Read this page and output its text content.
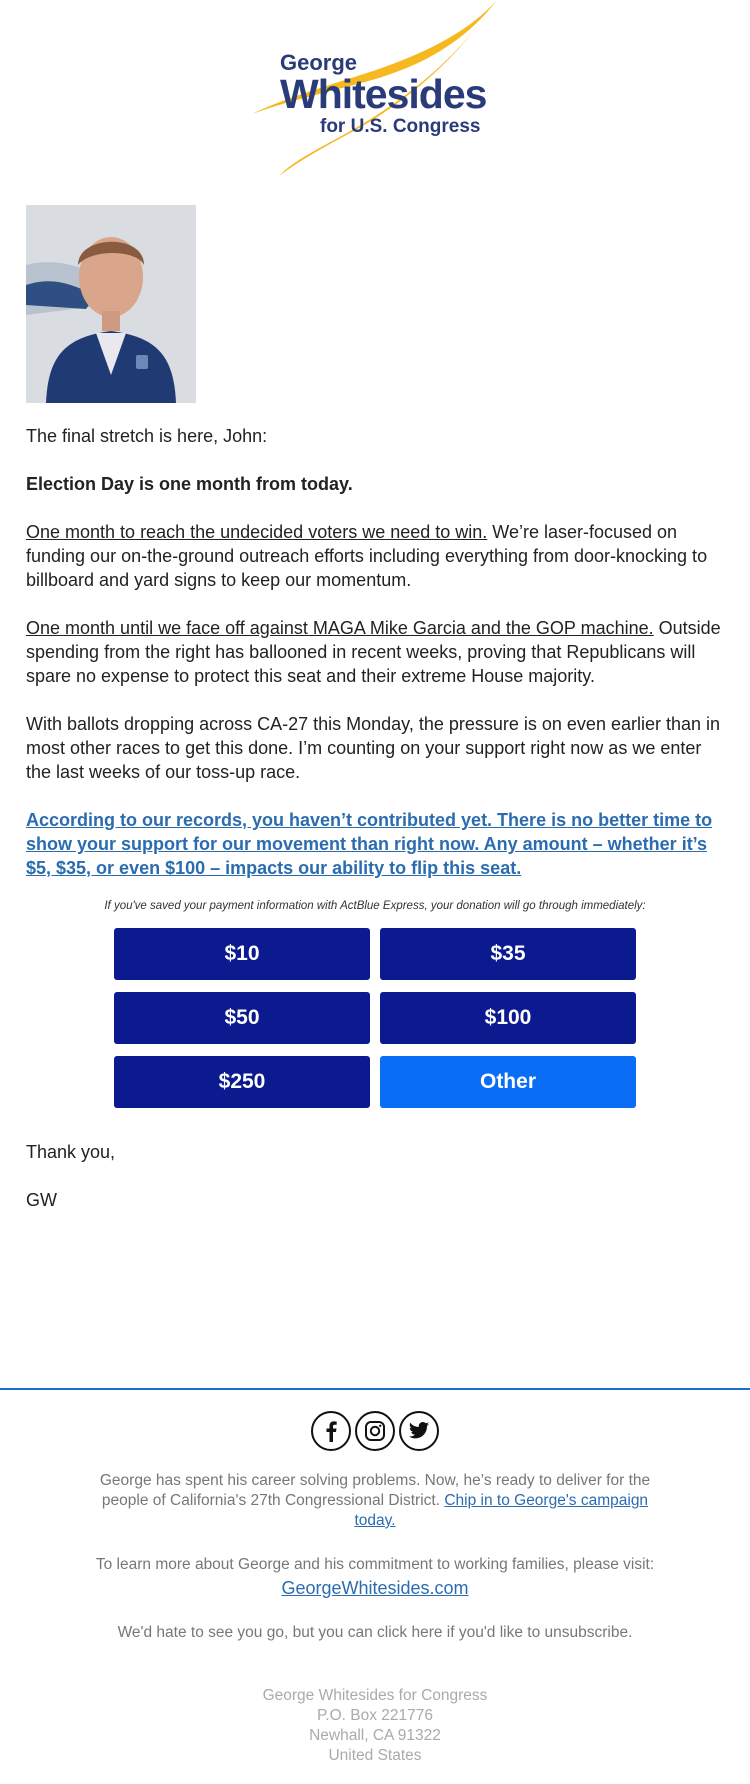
George
Whitesides
for U.S. Congress

The final stretch is here, John:

Election Day is one month from today.

One month to reach the undecided voters we need to win. We’re laser-focused on funding our on-the-ground outreach efforts including everything from door-knocking to billboard and yard signs to keep our momentum.

One month until we face off against MAGA Mike Garcia and the GOP machine. Outside spending from the right has ballooned in recent weeks, proving that Republicans will spare no expense to protect this seat and their extreme House majority.

With ballots dropping across CA-27 this Monday, the pressure is on even earlier than in most other races to get this done. I’m counting on your support right now as we enter the last weeks of our toss-up race.

According to our records, you haven’t contributed yet. There is no better time to show your support for our movement than right now. Any amount – whether it’s $5, $35, or even $100 – impacts our ability to flip this seat.

If you've saved your payment information with ActBlue Express, your donation will go through immediately:
$10	$35
$50	$100
$250	Other

Thank you,

GW

George has spent his career solving problems. Now, he’s ready to deliver for the people of California's 27th Congressional District. Chip in to George's campaign today.
To learn more about George and his commitment to working families, please visit:
GeorgeWhitesides.com
We'd hate to see you go, but you can click here if you'd like to unsubscribe.
George Whitesides for Congress
P.O. Box 221776
Newhall, CA 91322
United States
